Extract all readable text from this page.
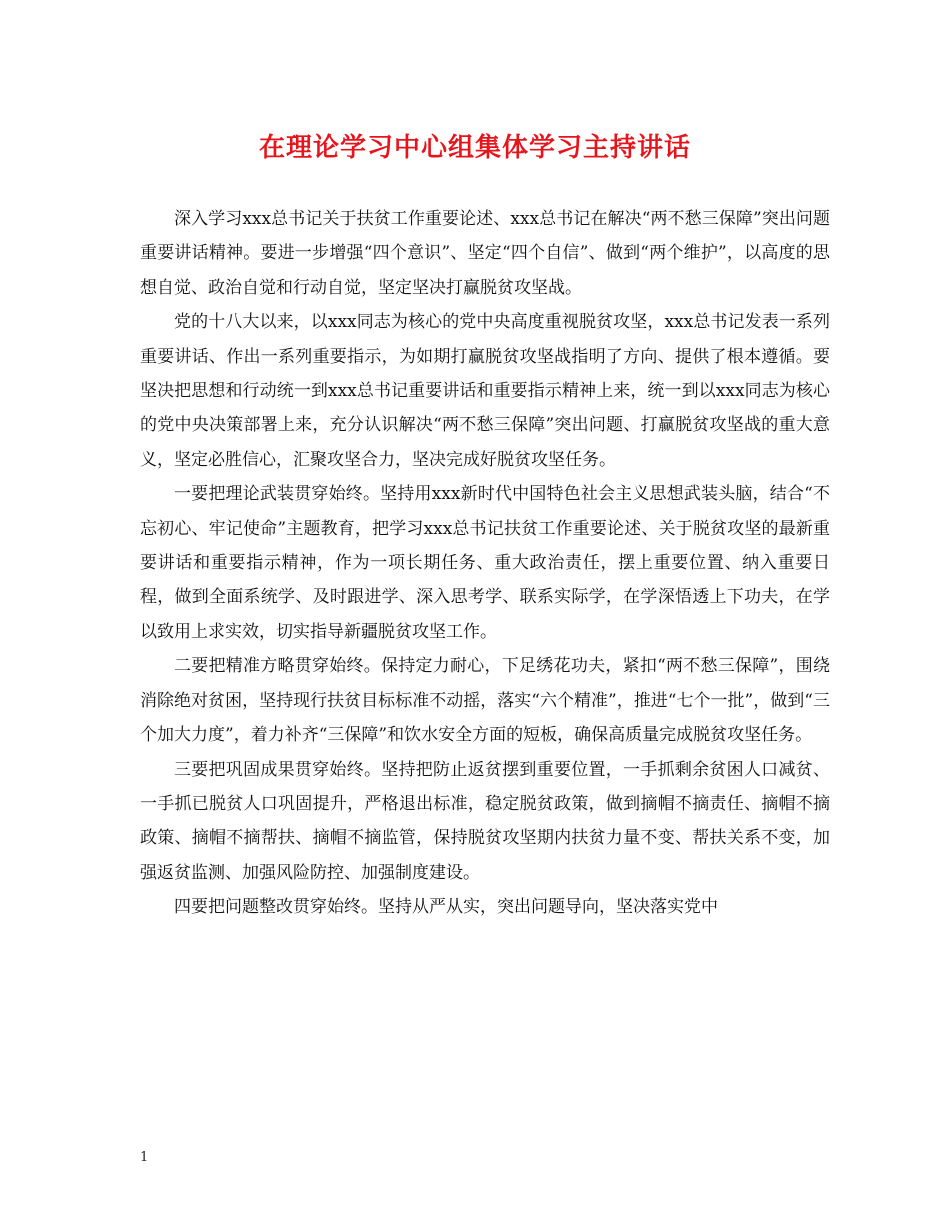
在理论学习中心组集体学习主持讲话

深入学习xxx总书记关于扶贫工作重要论述、xxx总书记在解决“两不愁三保障”突出问题重要讲话精神。要进一步增强“四个意识”、坚定“四个自信”、做到“两个维护”，以高度的思想自觉、政治自觉和行动自觉，坚定坚决打赢脱贫攻坚战。

党的十八大以来，以xxx同志为核心的党中央高度重视脱贫攻坚，xxx总书记发表一系列重要讲话、作出一系列重要指示，为如期打赢脱贫攻坚战指明了方向、提供了根本遵循。要坚决把思想和行动统一到xxx总书记重要讲话和重要指示精神上来，统一到以xxx同志为核心的党中央决策部署上来，充分认识解决“两不愁三保障”突出问题、打赢脱贫攻坚战的重大意义，坚定必胜信心，汇聚攻坚合力，坚决完成好脱贫攻坚任务。

一要把理论武装贯穿始终。坚持用xxx新时代中国特色社会主义思想武装头脑，结合“不忘初心、牢记使命”主题教育，把学习xxx总书记扶贫工作重要论述、关于脱贫攻坚的最新重要讲话和重要指示精神，作为一项长期任务、重大政治责任，摆上重要位置、纳入重要日程，做到全面系统学、及时跟进学、深入思考学、联系实际学，在学深悟透上下功夫，在学以致用上求实效，切实指导新疆脱贫攻坚工作。

二要把精准方略贯穿始终。保持定力耐心，下足绣花功夫，紧扣“两不愁三保障”，围绕消除绝对贫困，坚持现行扶贫目标标准不动摇，落实“六个精准”，推进“七个一批”，做到“三个加大力度”，着力补齐“三保障”和饮水安全方面的短板，确保高质量完成脱贫攻坚任务。

三要把巩固成果贯穿始终。坚持把防止返贫摆到重要位置，一手抓剩余贫困人口减贫、一手抓已脱贫人口巩固提升，严格退出标准，稳定脱贫政策，做到摘帽不摘责任、摘帽不摘政策、摘帽不摘帮扶、摘帽不摘监管，保持脱贫攻坚期内扶贫力量不变、帮扶关系不变，加强返贫监测、加强风险防控、加强制度建设。

四要把问题整改贯穿始终。坚持从严从实，突出问题导向，坚决落实党中

1
